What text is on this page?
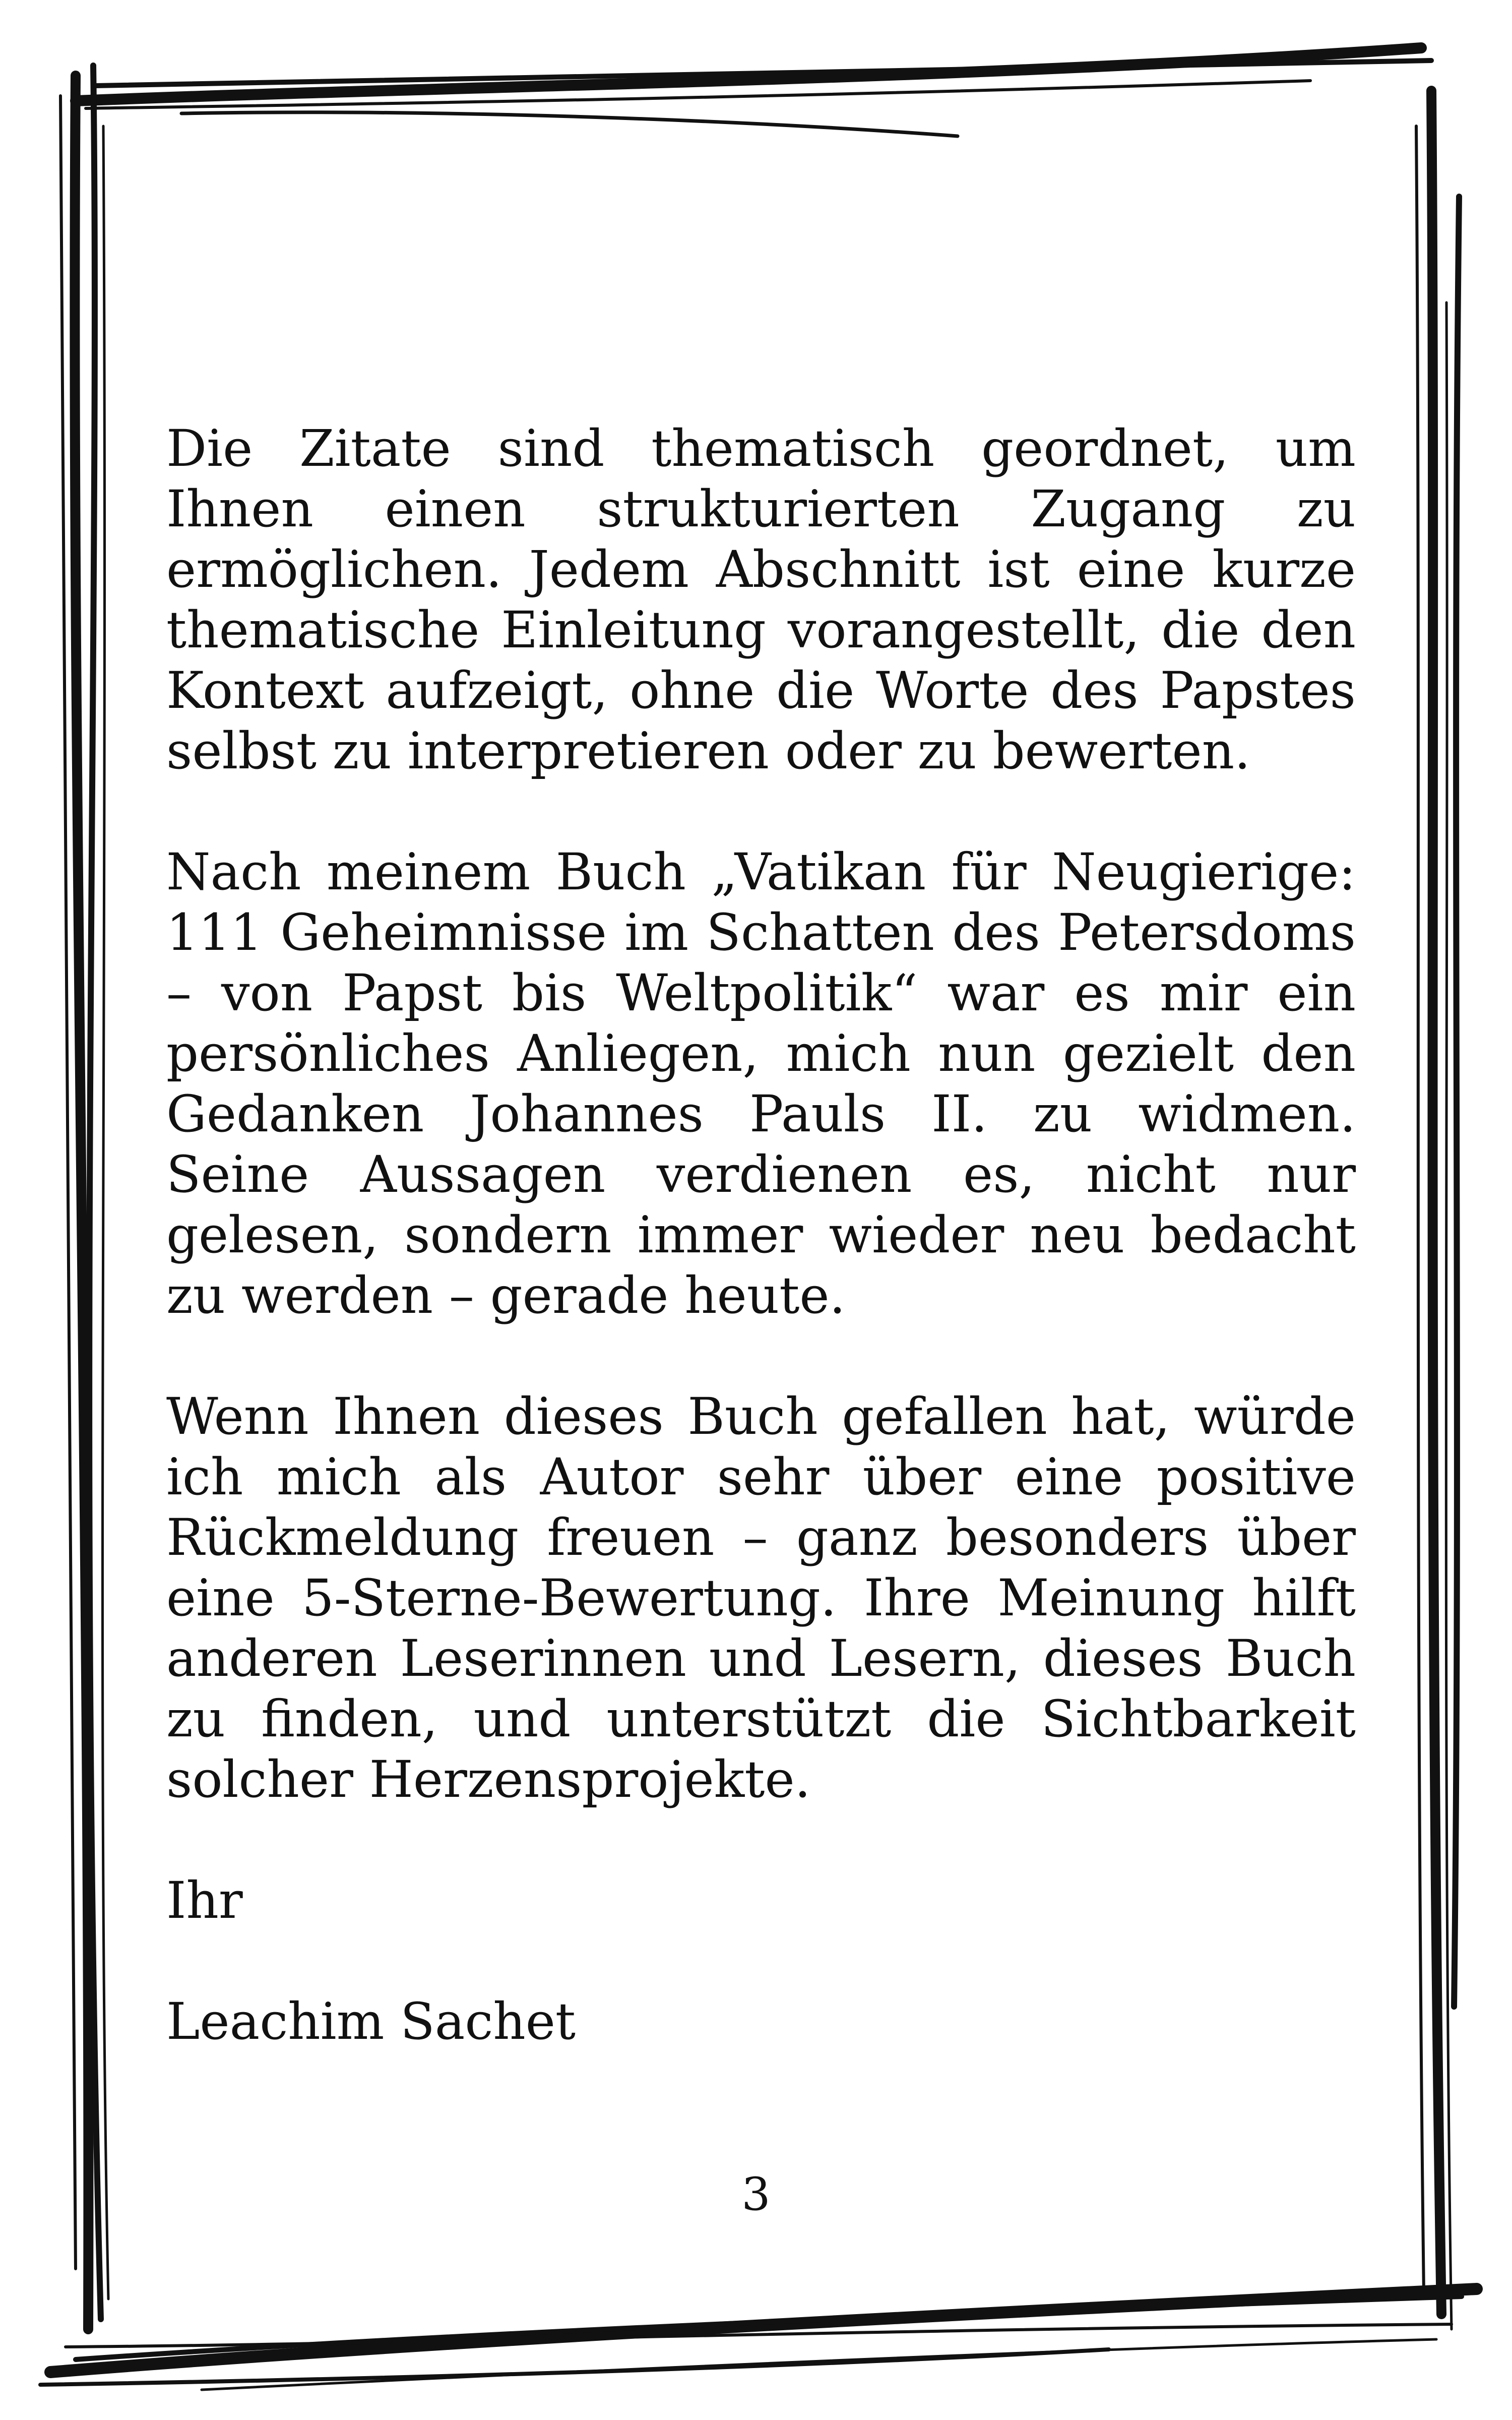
Die Zitate sind thematisch geordnet, um Ihnen einen strukturierten Zugang zu ermöglichen. Jedem Abschnitt ist eine kurze thematische Einleitung vorangestellt, die den Kontext aufzeigt, ohne die Worte des Papstes selbst zu interpretieren oder zu bewerten.

Nach meinem Buch „Vatikan für Neugierige: 111 Geheimnisse im Schatten des Petersdoms – von Papst bis Weltpolitik“ war es mir ein persönliches Anliegen, mich nun gezielt den Gedanken Johannes Pauls II. zu widmen. Seine Aussagen verdienen es, nicht nur gelesen, sondern immer wieder neu bedacht zu werden – gerade heute.

Wenn Ihnen dieses Buch gefallen hat, würde ich mich als Autor sehr über eine positive Rückmeldung freuen – ganz besonders über eine 5-Sterne-Bewertung. Ihre Meinung hilft anderen Leserinnen und Lesern, dieses Buch zu finden, und unterstützt die Sichtbarkeit solcher Herzensprojekte.

Ihr

Leachim Sachet

3
